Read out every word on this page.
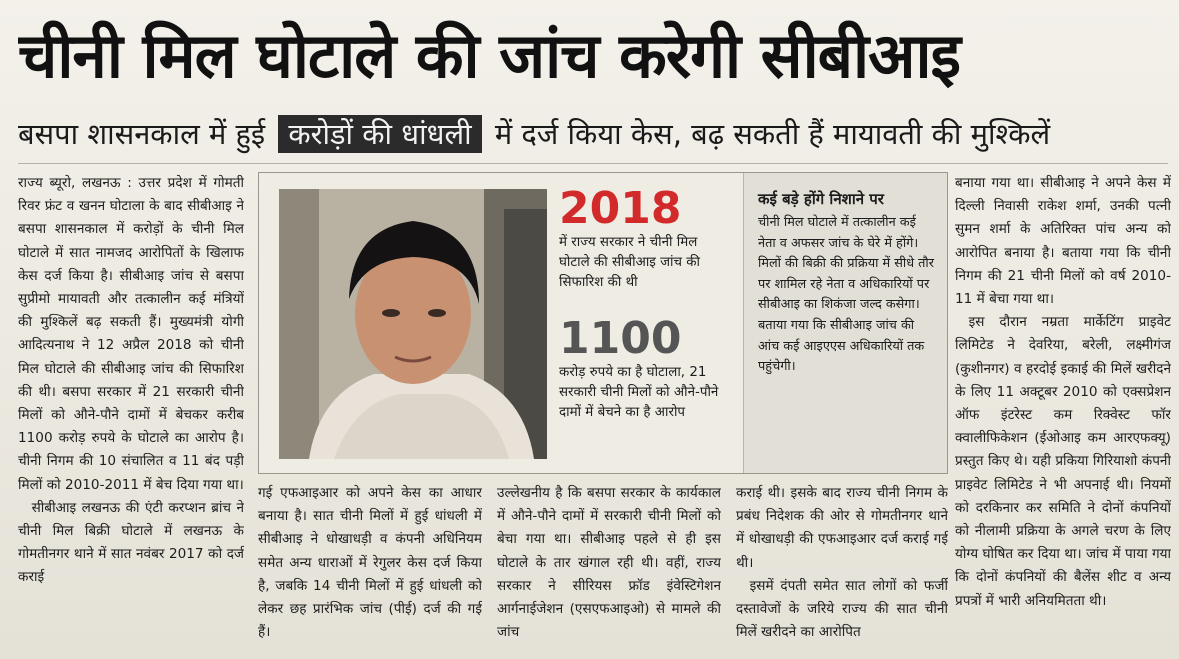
चीनी मिल घोटाले की जांच करेगी सीबीआइ
बसपा शासनकाल में हुई करोड़ों की धांधली में दर्ज किया केस, बढ़ सकती हैं मायावती की मुश्किलें

राज्य ब्यूरो, लखनऊ : उत्तर प्रदेश में गोमती रिवर फ्रंट व खनन घोटाला के बाद सीबीआइ ने बसपा शासनकाल में करोड़ों के चीनी मिल घोटाले में सात नामजद आरोपितों के खिलाफ केस दर्ज किया है। सीबीआइ जांच से बसपा सुप्रीमो मायावती और तत्कालीन कई मंत्रियों की मुश्किलें बढ़ सकती हैं। मुख्यमंत्री योगी आदित्यनाथ ने 12 अप्रैल 2018 को चीनी मिल घोटाले की सीबीआइ जांच की सिफारिश की थी। बसपा सरकार में 21 सरकारी चीनी मिलों को औने-पौने दामों में बेचकर करीब 1100 करोड़ रुपये के घोटाले का आरोप है। चीनी निगम की 10 संचालित व 11 बंद पड़ी मिलों को 2010-2011 में बेच दिया गया था।

सीबीआइ लखनऊ की एंटी करप्शन ब्रांच ने चीनी मिल बिक्री घोटाले में लखनऊ के गोमतीनगर थाने में सात नवंबर 2017 को दर्ज कराई

2018
में राज्य सरकार ने चीनी मिल घोटाले की सीबीआइ जांच की सिफारिश की थी
1100
करोड़ रुपये का है घोटाला, 21 सरकारी चीनी मिलों को औने-पौने दामों में बेचने का है आरोप
कई बड़े होंगे निशाने पर
चीनी मिल घोटाले में तत्कालीन कई नेता व अफसर जांच के घेरे में होंगे। मिलों की बिक्री की प्रक्रिया में सीधे तौर पर शामिल रहे नेता व अधिकारियों पर सीबीआइ का शिकंजा जल्द कसेगा। बताया गया कि सीबीआइ जांच की आंच कई आइएएस अधिकारियों तक पहुंचेगी।

गई एफआइआर को अपने केस का आधार बनाया है। सात चीनी मिलों में हुई धांधली में सीबीआइ ने धोखाधड़ी व कंपनी अधिनियम समेत अन्य धाराओं में रेगुलर केस दर्ज किया है, जबकि 14 चीनी मिलों में हुई धांधली को लेकर छह प्रारंभिक जांच (पीई) दर्ज की गई हैं।

उल्लेखनीय है कि बसपा सरकार के कार्यकाल में औने-पौने दामों में सरकारी चीनी मिलों को बेचा गया था। सीबीआइ पहले से ही इस घोटाले के तार खंगाल रही थी। वहीं, राज्य सरकार ने सीरियस फ्रॉड इंवेस्टिगेशन आर्गनाईजेशन (एसएफआइओ) से मामले की जांच

कराई थी। इसके बाद राज्य चीनी निगम के प्रबंध निदेशक की ओर से गोमतीनगर थाने में धोखाधड़ी की एफआइआर दर्ज कराई गई थी।

इसमें दंपती समेत सात लोगों को फर्जी दस्तावेजों के जरिये राज्य की सात चीनी मिलें खरीदने का आरोपित

बनाया गया था। सीबीआइ ने अपने केस में दिल्ली निवासी राकेश शर्मा, उनकी पत्नी सुमन शर्मा के अतिरिक्त पांच अन्य को आरोपित बनाया है। बताया गया कि चीनी निगम की 21 चीनी मिलों को वर्ष 2010-11 में बेचा गया था।

इस दौरान नम्रता मार्केटिंग प्राइवेट लिमिटेड ने देवरिया, बरेली, लक्ष्मीगंज (कुशीनगर) व हरदोई इकाई की मिलें खरीदने के लिए 11 अक्टूबर 2010 को एक्सप्रेशन ऑफ इंटरेस्ट कम रिक्वेस्ट फॉर क्वालीफिकेशन (ईओआइ कम आरएफक्यू) प्रस्तुत किए थे। यही प्रकिया गिरियाशो कंपनी प्राइवेट लिमिटेड ने भी अपनाई थी। नियमों को दरकिनार कर समिति ने दोनों कंपनियों को नीलामी प्रक्रिया के अगले चरण के लिए योग्य घोषित कर दिया था। जांच में पाया गया कि दोनों कंपनियों की बैलेंस शीट व अन्य प्रपत्रों में भारी अनियमितता थी।
